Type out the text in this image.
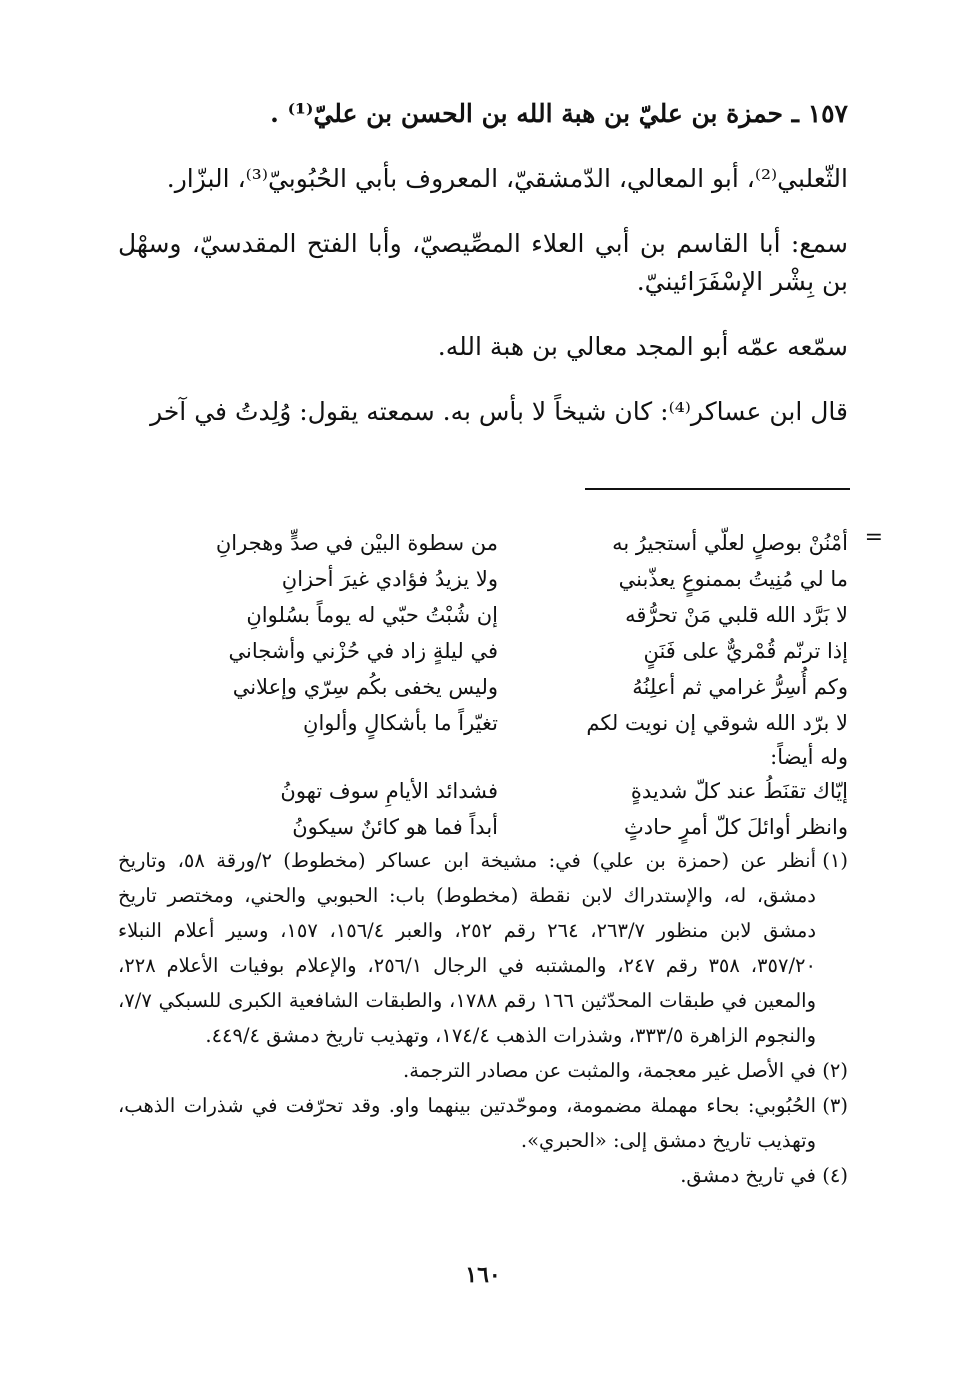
١٥٧ ـ حمزة بن عليّ بن هبة الله بن الحسن بن عليّ⁽¹⁾ .

الثّعلبي⁽²⁾، أبو المعالي، الدّمشقيّ، المعروف بأبي الحُبُوبيّ⁽³⁾، البزّار.

سمع: أبا القاسم بن أبي العلاء المصِّيصيّ، وأبا الفتح المقدسيّ، وسهْل بن بِشْر الإسْفَرَائينيّ.

سمّعه عمّه أبو المجد معالي بن هبة الله.

قال ابن عساكر⁽⁴⁾: كان شيخاً لا بأس به. سمعته يقول: وُلِدتُ في آخر

=
أمْنُنْ بوصلٍ لعلّي أستجيرُ به
من سطوة البيْن في صدٍّ وهجرانِ
ما لي مُنِيتُ بممنوعٍ يعذّبني
ولا يزيدُ فؤادي غيرَ أحزانِ
لا بَرَّد الله قلبي مَنْ تحرُّقه
إن شُبْتُ حبّي له يوماً بسُلوانِ
إذا ترنّم قُمْريٌّ على فَنَنٍ
في ليلةٍ زاد في حُزْني وأشجاني
وكم أُسِرُّ غرامي ثم أعلِنُهُ
وليس يخفى بكُم سِرّي وإعلاني
لا برّد الله شوقي إن نويت لكم
تغيّراً ما بأشكالٍ وألوانِ
وله أيضاً:
إيّاك تقنَطُ عند كلّ شديدةٍ
فشدائد الأيامِ سوف تهونُ
وانظر أوائلَ كلّ أمرٍ حادثٍ
أبداً فما هو كائنٌ سيكونُ
(١)
أنظر عن (حمزة بن علي) في: مشيخة ابن عساكر (مخطوط) ٢/ورقة ٥٨، وتاريخ دمشق، له، والإستدراك لابن نقطة (مخطوط) باب: الحبوبي والحني، ومختصر تاريخ دمشق لابن منظور ٢٦٣/٧، ٢٦٤ رقم ٢٥٢، والعبر ١٥٦/٤، ١٥٧، وسير أعلام النبلاء ٣٥٧/٢٠، ٣٥٨ رقم ٢٤٧، والمشتبه في الرجال ٢٥٦/١، والإعلام بوفيات الأعلام ٢٢٨، والمعين في طبقات المحدّثين ١٦٦ رقم ١٧٨٨، والطبقات الشافعية الكبرى للسبكي ٧/٧، والنجوم الزاهرة ٣٣٣/٥، وشذرات الذهب ١٧٤/٤، وتهذيب تاريخ دمشق ٤٤٩/٤.
(٢)
في الأصل غير معجمة، والمثبت عن مصادر الترجمة.
(٣)
الحُبُوبي: بحاء مهملة مضمومة، وموحّدتين بينهما واو. وقد تحرّفت في شذرات الذهب، وتهذيب تاريخ دمشق إلى: «الحبري».
(٤)
في تاريخ دمشق.
١٦٠
